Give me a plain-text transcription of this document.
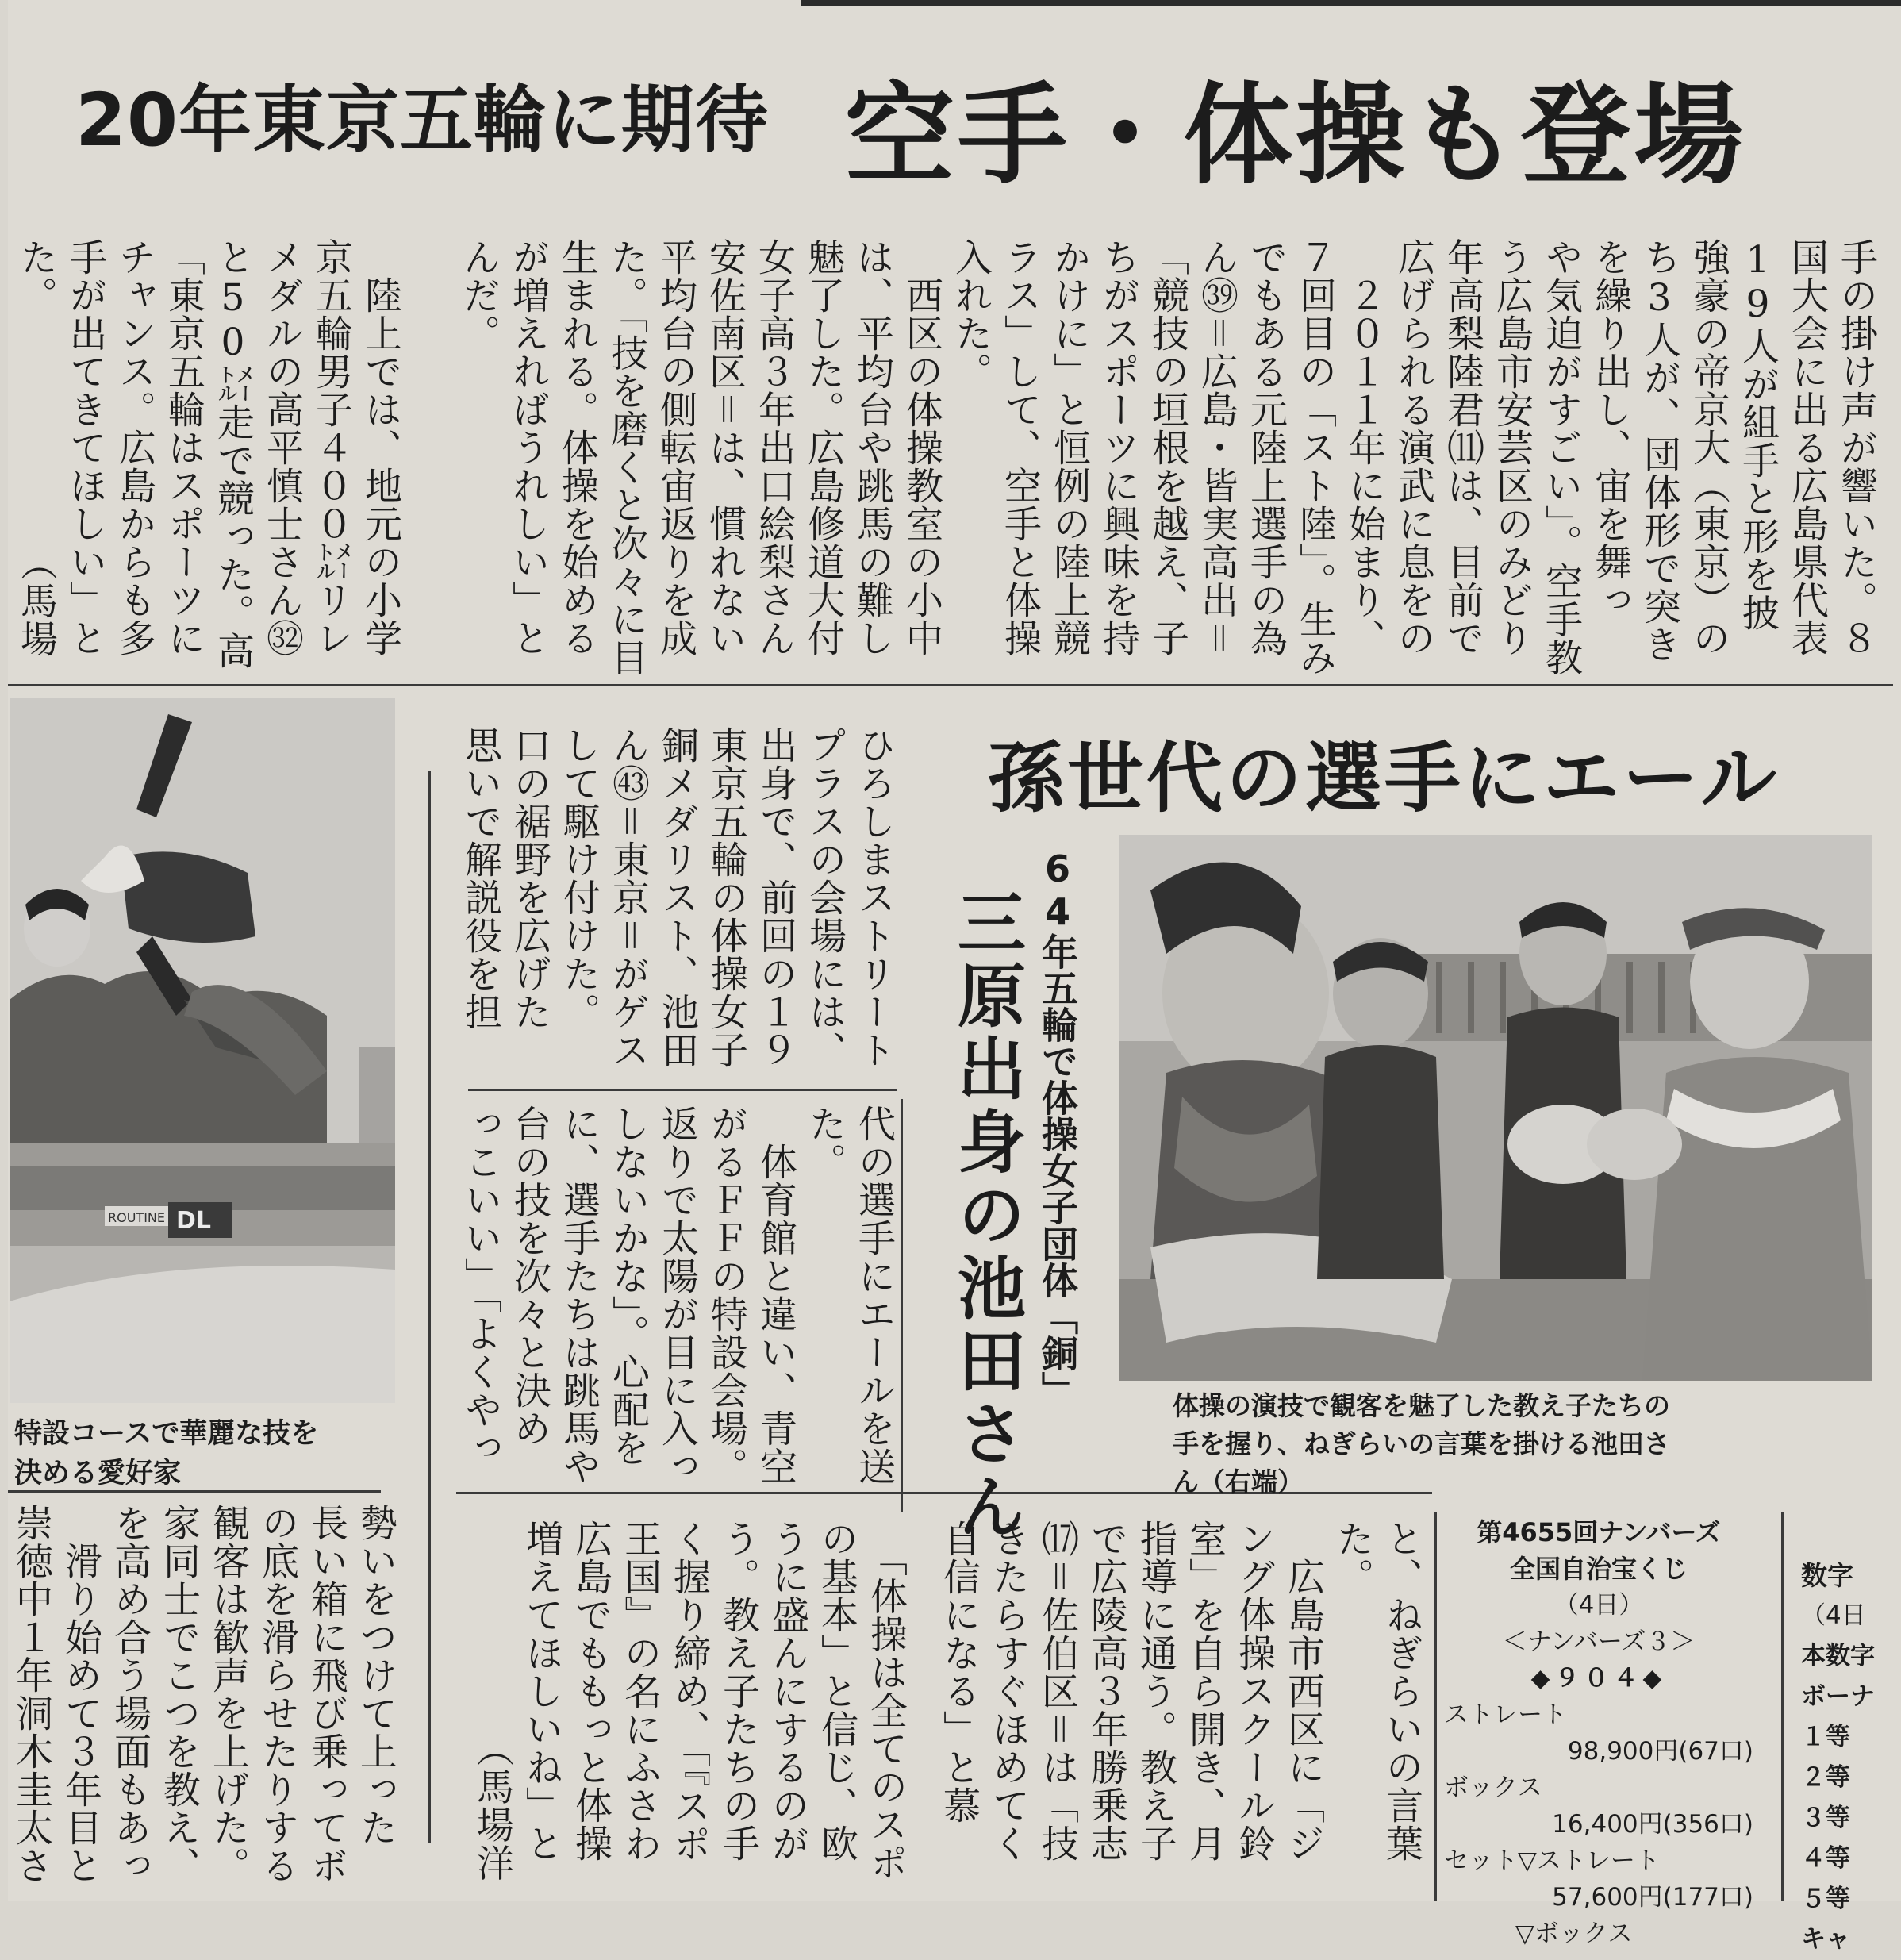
20年東京五輪に期待 空手・体操も登場
手の掛け声が響いた。８
国大会に出る広島県代表
19人が組手と形を披
強豪の帝京大（東京）の
ち3人が、団体形で突き
を繰り出し、宙を舞っ
や気迫がすごい」。空手教
う広島市安芸区のみどり
年高梨陸君⑾は、目前で
広げられる演武に息をの
　２０１１年に始まり、
７回目の「スト陸」。生み
でもある元陸上選手の為
ん㊴＝広島・皆実高出＝
「競技の垣根を越え、子
ちがスポーツに興味を持
かけに」と恒例の陸上競
ラス」して、空手と体操
入れた。
　西区の体操教室の小中
は、平均台や跳馬の難し
魅了した。広島修道大付
女子高３年出口絵梨さん
安佐南区＝は、慣れない
平均台の側転宙返りを成
た。「技を磨くと次々に目
生まれる。体操を始める
が増えればうれしい」と
んだ。
　陸上では、地元の小学
京五輪男子４００㍍リレ
メダルの高平慎士さん㉜
と50㍍走で競った。高
「東京五輪はスポーツに
チャンス。広島からも多
手が出てきてほしい」と
た。　　　　　　　（馬場
孫世代の選手にエール
体操の演技で観客を魅了した教え子たちの
手を握り、ねぎらいの言葉を掛ける池田さ
ん（右端）
64年五輪で体操女子団体「銅」
三原出身の池田さん
ひろしまストリート
プラスの会場には、
出身で、前回の１９
東京五輪の体操女子
銅メダリスト、池田
ん㊸＝東京＝がゲス
して駆け付けた。
口の裾野を広げた
思いで解説役を担
代の選手にエールを送
た。
　体育館と違い、青空
がるＦＦの特設会場。
返りで太陽が目に入っ
しないかな」。心配を
に、選手たちは跳馬や
台の技を次々と決め
っこいい」「よくやっ
と、ねぎらいの言葉
た。
　広島市西区に「ジ
ング体操スクール鈴
室」を自ら開き、月
指導に通う。教え子
で広陵高３年勝乗志
⒄＝佐伯区＝は「技
きたらすぐほめてく
自信になる」と慕
　「体操は全てのスポ
の基本」と信じ、欧
うに盛んにするのが
う。教え子たちの手
く握り締め、「『スポ
王国』の名にふさわ
広島でももっと体操
増えてほしいね」と
　　　　　　（馬場洋
DL
ROUTINE
特設コースで華麗な技を
決める愛好家
勢いをつけて上った
長い箱に飛び乗ってボ
の底を滑らせたりする
観客は歓声を上げた。
家同士でこつを教え、
を高め合う場面もあっ
　滑り始めて３年目と
崇徳中１年洞木圭太さ
第4655回ナンバーズ
全国自治宝くじ
（4日）
＜ナンバーズ３＞
◆９０４◆
ストレート
98,900円(67口)
ボックス
16,400円(356口)
セット▽ストレート
57,600円(177口)
▽ボックス
数字
（4日
本数字
ボーナ
１等
２等
３等
４等
５等
キャ
